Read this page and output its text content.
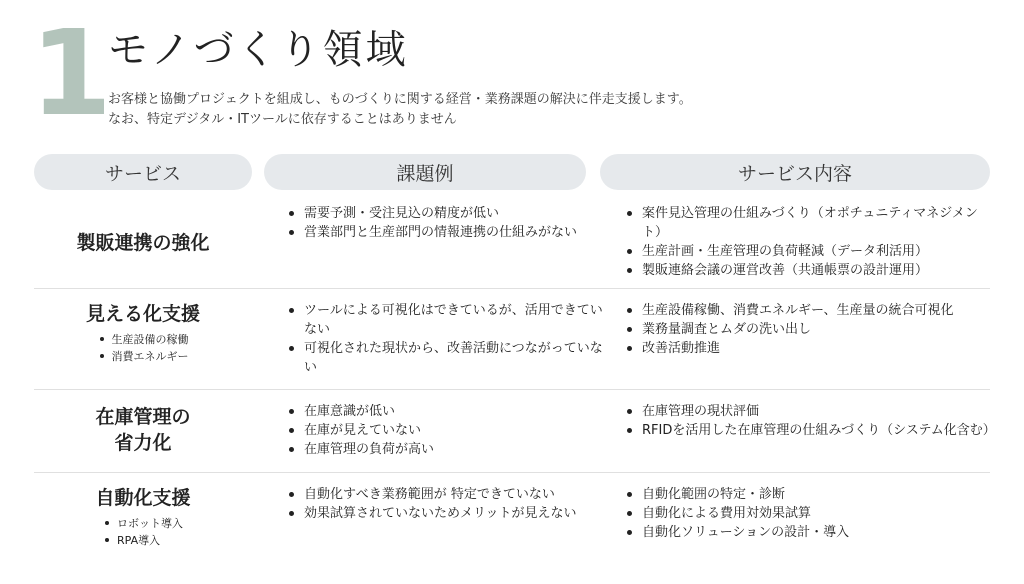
1
モノづくり領域
お客様と協働プロジェクトを組成し、ものづくりに関する経営・業務課題の解決に伴走支援します。
なお、特定デジタル・ITツールに依存することはありません
サービス	課題例	サービス内容
製販連携の強化
需要予測・受注見込の精度が低い
営業部門と生産部門の情報連携の仕組みがない
案件見込管理の仕組みづくり（オポチュニティマネジメント）
生産計画・生産管理の負荷軽減（データ利活用）
製販連絡会議の運営改善（共通帳票の設計運用）
見える化支援
生産設備の稼働
消費エネルギー
ツールによる可視化はできているが、活用できていない
可視化された現状から、改善活動につながっていない
生産設備稼働、消費エネルギー、生産量の統合可視化
業務量調査とムダの洗い出し
改善活動推進
在庫管理の
省力化
在庫意識が低い
在庫が見えていない
在庫管理の負荷が高い
在庫管理の現状評価
RFIDを活用した在庫管理の仕組みづくり（システム化含む）
自動化支援
ロボット導入
RPA導入
自動化すべき業務範囲が 特定できていない
効果試算されていないためメリットが見えない
自動化範囲の特定・診断
自動化による費用対効果試算
自動化ソリューションの設計・導入
